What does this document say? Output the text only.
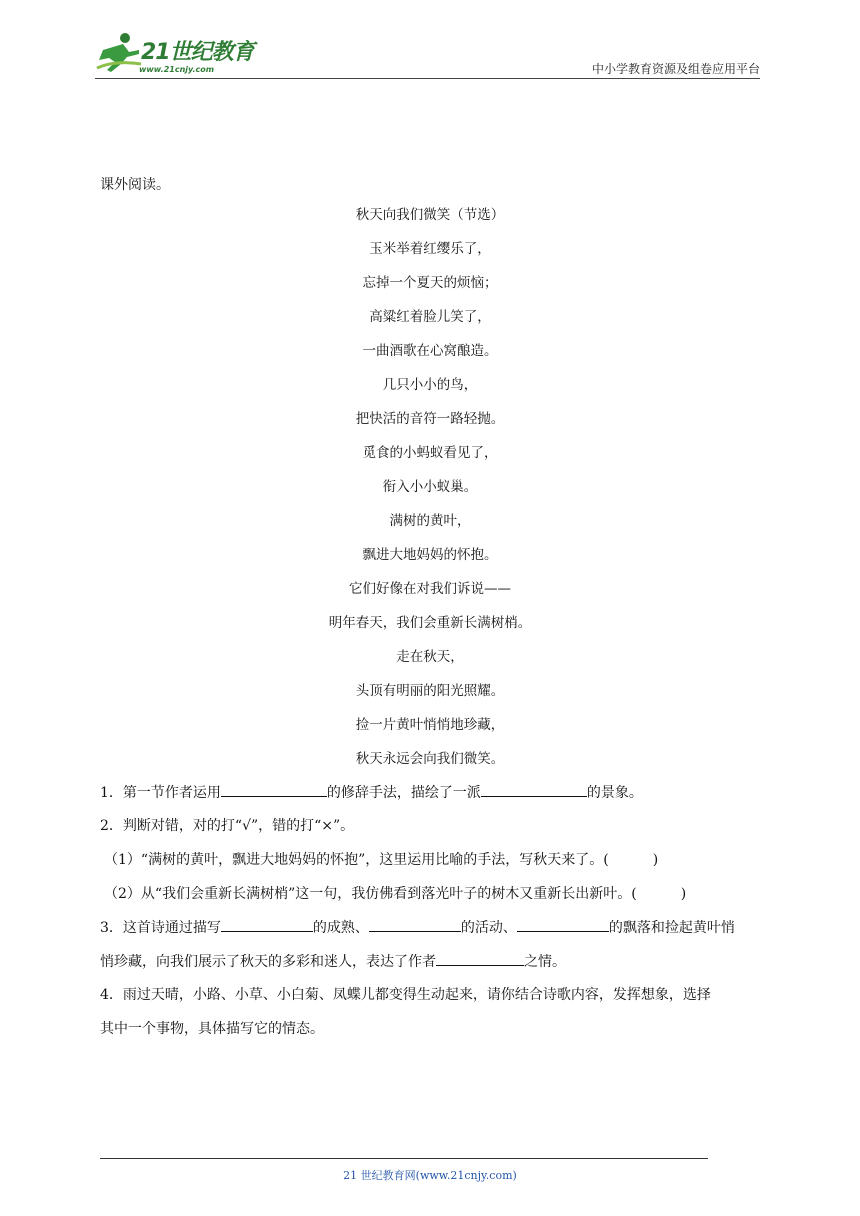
21世纪教育
www.21cnjy.com	中小学教育资源及组卷应用平台
课外阅读。
秋天向我们微笑（节选）
玉米举着红缨乐了，
忘掉一个夏天的烦恼；
高粱红着脸儿笑了，
一曲酒歌在心窝酿造。
几只小小的鸟，
把快活的音符一路轻抛。
觅食的小蚂蚁看见了，
衔入小小蚁巢。
满树的黄叶，
飘进大地妈妈的怀抱。
它们好像在对我们诉说——
明年春天，我们会重新长满树梢。
走在秋天，
头顶有明丽的阳光照耀。
捡一片黄叶悄悄地珍藏，
秋天永远会向我们微笑。
1．第一节作者运用	的修辞手法，描绘了一派	的景象。
2．判断对错，对的打“√”，错的打“×”。
（1）“满树的黄叶，飘进大地妈妈的怀抱”，这里运用比喻的手法，写秋天来了。(	)
（2）从“我们会重新长满树梢”这一句，我仿佛看到落光叶子的树木又重新长出新叶。(	)
3．这首诗通过描写	的成熟、	的活动、	的飘落和捡起黄叶悄
悄珍藏，向我们展示了秋天的多彩和迷人，表达了作者	之情。
4．雨过天晴，小路、小草、小白菊、凤蝶儿都变得生动起来，请你结合诗歌内容，发挥想象，选择
其中一个事物，具体描写它的情态。
21 世纪教育网(www.21cnjy.com)
